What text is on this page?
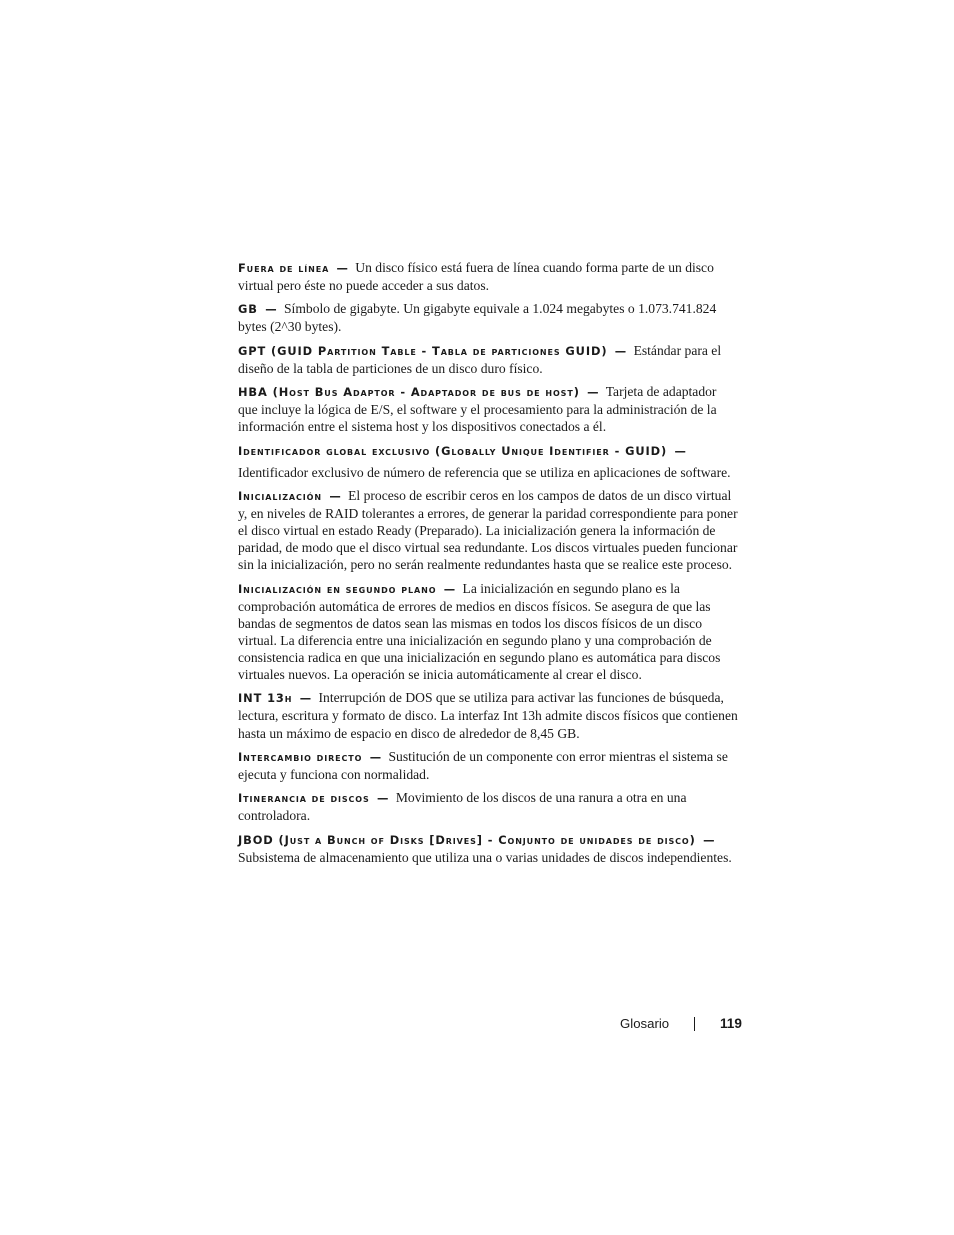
Fuera de línea  —  Un disco físico está fuera de línea cuando forma parte de un disco virtual pero éste no puede acceder a sus datos.

GB  —  Símbolo de gigabyte. Un gigabyte equivale a 1.024 megabytes o 1.073.741.824 bytes (2^30 bytes).

GPT (GUID Partition Table - Tabla de particiones GUID)  —  Estándar para el diseño de la tabla de particiones de un disco duro físico.

HBA (Host Bus Adaptor - Adaptador de bus de host)  —  Tarjeta de adaptador que incluye la lógica de E/S, el software y el procesamiento para la administración de la información entre el sistema host y los dispositivos conectados a él.

Identificador global exclusivo (Globally Unique Identifier - GUID)  —

Identificador exclusivo de número de referencia que se utiliza en aplicaciones de software.

Inicialización  —  El proceso de escribir ceros en los campos de datos de un disco virtual y, en niveles de RAID tolerantes a errores, de generar la paridad correspondiente para poner el disco virtual en estado Ready (Preparado). La inicialización genera la información de paridad, de modo que el disco virtual sea redundante. Los discos virtuales pueden funcionar sin la inicialización, pero no serán realmente redundantes hasta que se realice este proceso.

Inicialización en segundo plano  —  La inicialización en segundo plano es la comprobación automática de errores de medios en discos físicos. Se asegura de que las bandas de segmentos de datos sean las mismas en todos los discos físicos de un disco virtual. La diferencia entre una inicialización en segundo plano y una comprobación de consistencia radica en que una inicialización en segundo plano es automática para discos virtuales nuevos. La operación se inicia automáticamente al crear el disco.

INT 13h  —  Interrupción de DOS que se utiliza para activar las funciones de búsqueda, lectura, escritura y formato de disco. La interfaz Int 13h admite discos físicos que contienen hasta un máximo de espacio en disco de alrededor de 8,45 GB.

Intercambio directo  —  Sustitución de un componente con error mientras el sistema se ejecuta y funciona con normalidad.

Itinerancia de discos  —  Movimiento de los discos de una ranura a otra en una controladora.

JBOD (Just a Bunch of Disks [Drives] - Conjunto de unidades de disco)  —  Subsistema de almacenamiento que utiliza una o varias unidades de discos independientes.

Glosario	119
